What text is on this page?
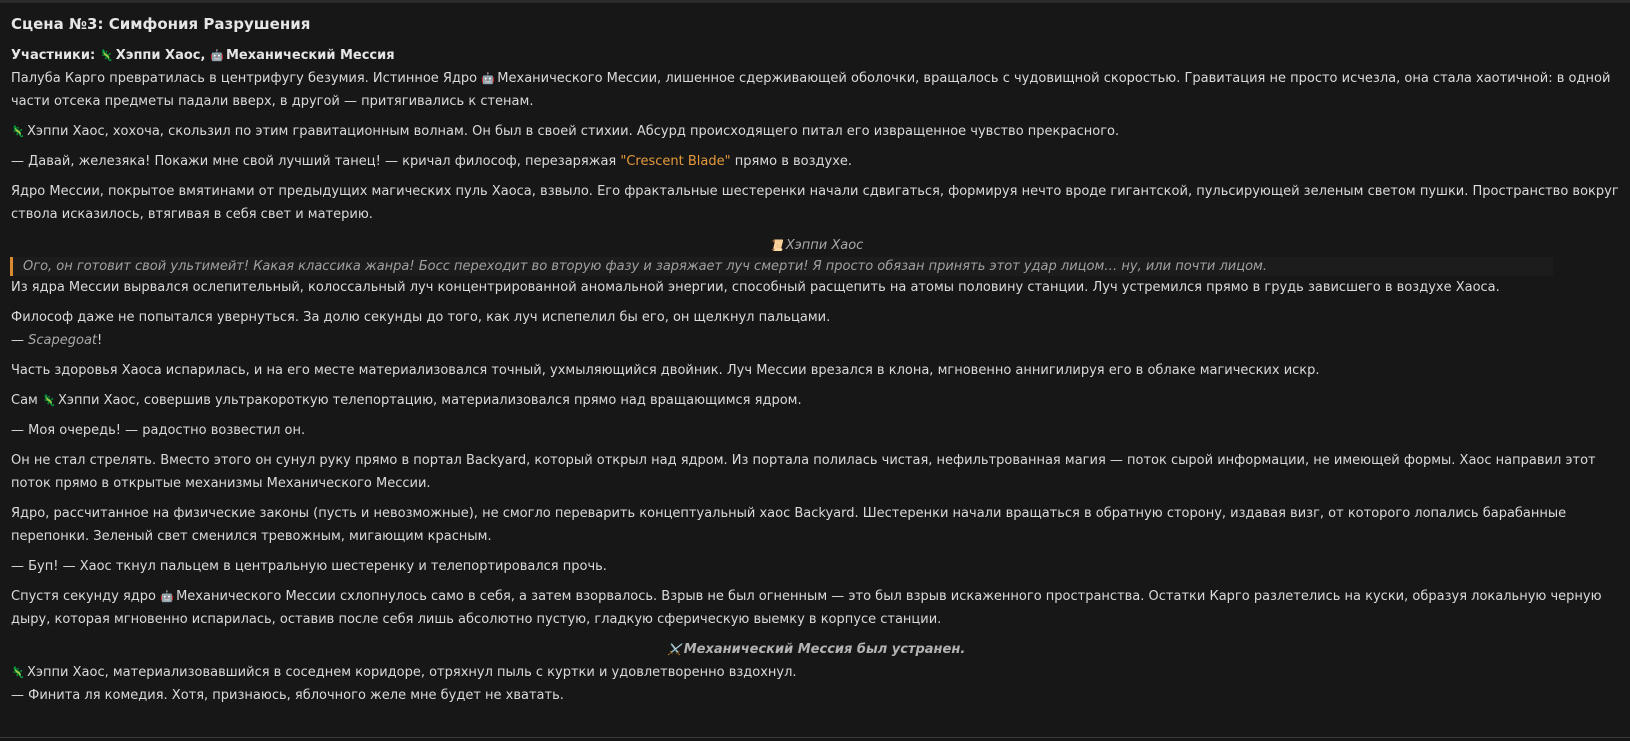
Сцена №3: Симфония Разрушения

Участники: 🦎 Хэппи Хаос, 🤖 Механический Мессия

Палуба Карго превратилась в центрифугу безумия. Истинное Ядро 🤖 Механического Мессии, лишенное сдерживающей оболочки, вращалось с чудовищной скоростью. Гравитация не просто исчезла, она стала хаотичной: в одной части отсека предметы падали вверх, в другой — притягивались к стенам.

🦎 Хэппи Хаос, хохоча, скользил по этим гравитационным волнам. Он был в своей стихии. Абсурд происходящего питал его извращенное чувство прекрасного.

— Давай, железяка! Покажи мне свой лучший танец! — кричал философ, перезаряжая "Crescent Blade" прямо в воздухе.

Ядро Мессии, покрытое вмятинами от предыдущих магических пуль Хаоса, взвыло. Его фрактальные шестеренки начали сдвигаться, формируя нечто вроде гигантской, пульсирующей зеленым светом пушки. Пространство вокруг ствола исказилось, втягивая в себя свет и материю.

📜 Хэппи Хаос

Ого, он готовит свой ультимейт! Какая классика жанра! Босс переходит во вторую фазу и заряжает луч смерти! Я просто обязан принять этот удар лицом… ну, или почти лицом.

Из ядра Мессии вырвался ослепительный, колоссальный луч концентрированной аномальной энергии, способный расщепить на атомы половину станции. Луч устремился прямо в грудь зависшего в воздухе Хаоса.

Философ даже не попытался увернуться. За долю секунды до того, как луч испепелил бы его, он щелкнул пальцами.

— Scapegoat!

Часть здоровья Хаоса испарилась, и на его месте материализовался точный, ухмыляющийся двойник. Луч Мессии врезался в клона, мгновенно аннигилируя его в облаке магических искр.

Сам 🦎 Хэппи Хаос, совершив ультракороткую телепортацию, материализовался прямо над вращающимся ядром.

— Моя очередь! — радостно возвестил он.

Он не стал стрелять. Вместо этого он сунул руку прямо в портал Backyard, который открыл над ядром. Из портала полилась чистая, нефильтрованная магия — поток сырой информации, не имеющей формы. Хаос направил этот поток прямо в открытые механизмы Механического Мессии.

Ядро, рассчитанное на физические законы (пусть и невозможные), не смогло переварить концептуальный хаос Backyard. Шестеренки начали вращаться в обратную сторону, издавая визг, от которого лопались барабанные перепонки. Зеленый свет сменился тревожным, мигающим красным.

— Буп! — Хаос ткнул пальцем в центральную шестеренку и телепортировался прочь.

Спустя секунду ядро 🤖 Механического Мессии схлопнулось само в себя, а затем взорвалось. Взрыв не был огненным — это был взрыв искаженного пространства. Остатки Карго разлетелись на куски, образуя локальную черную дыру, которая мгновенно испарилась, оставив после себя лишь абсолютно пустую, гладкую сферическую выемку в корпусе станции.

⚔️ Механический Мессия был устранен.

🦎 Хэппи Хаос, материализовавшийся в соседнем коридоре, отряхнул пыль с куртки и удовлетворенно вздохнул.

— Финита ля комедия. Хотя, признаюсь, яблочного желе мне будет не хватать.
